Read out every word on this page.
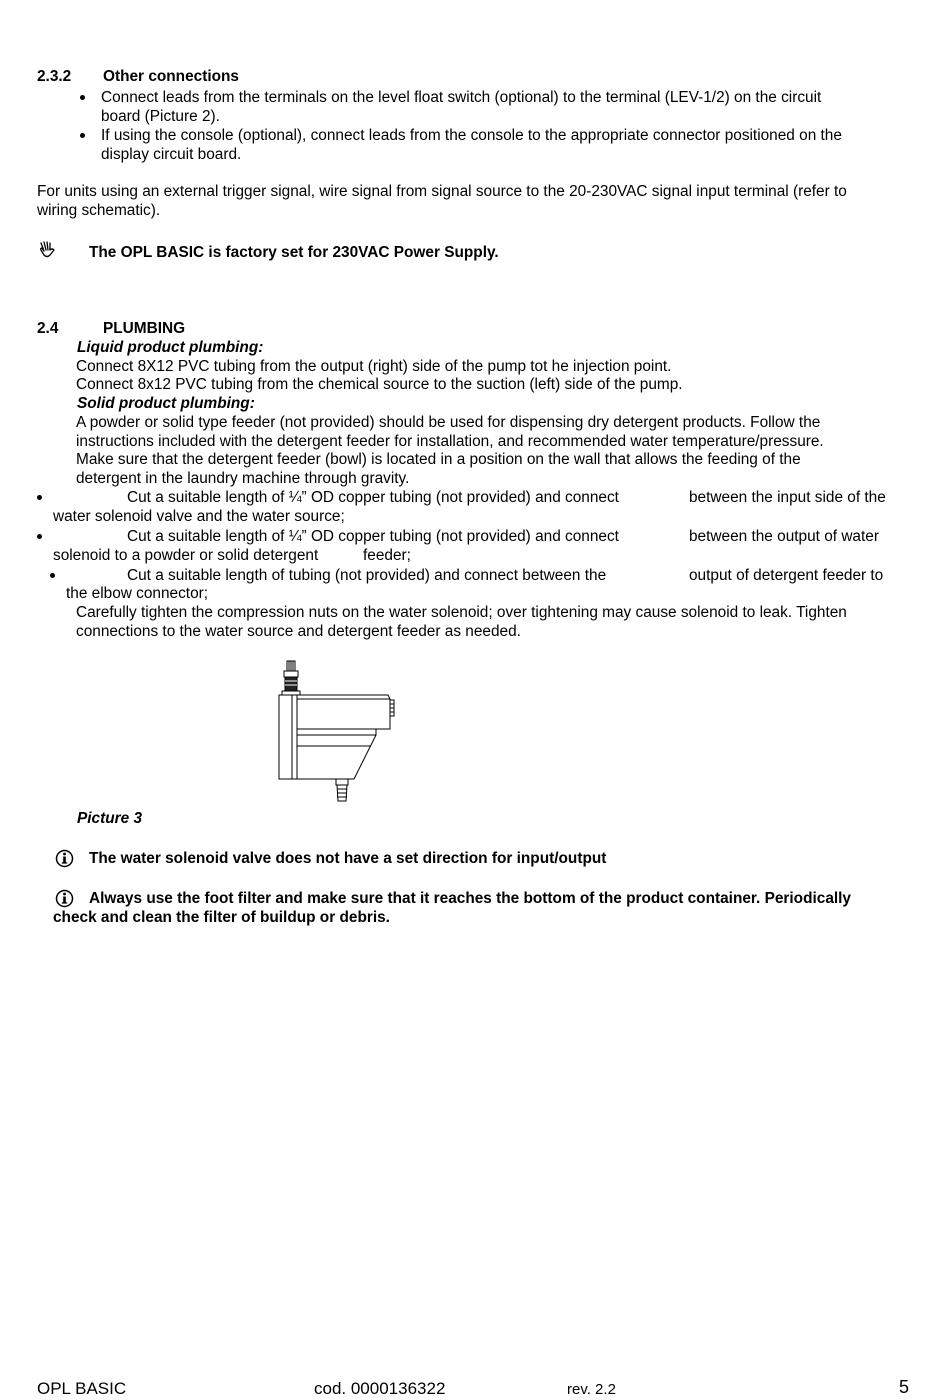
2.3.2 Other connections
Connect leads from the terminals on the level float switch (optional) to the terminal (LEV-1/2) on the circuit
board (Picture 2).
If using the console (optional), connect leads from the console to the appropriate connector positioned on the
display circuit board.
For units using an external trigger signal, wire signal from signal source to the 20-230VAC signal input terminal (refer to
wiring schematic).
The OPL BASIC is factory set for 230VAC Power Supply.
2.4	PLUMBING
Liquid product plumbing:
Connect 8X12 PVC tubing from the output (right) side of the pump tot he injection point.
Connect 8x12 PVC tubing from the chemical source to the suction (left) side of the pump.
Solid product plumbing:
A powder or solid type feeder (not provided) should be used for dispensing dry detergent products. Follow the
instructions included with the detergent feeder for installation, and recommended water temperature/pressure.
Make sure that the detergent feeder (bowl) is located in a position on the wall that allows the feeding of the
detergent in the laundry machine through gravity.
Cut a suitable length of ¼” OD copper tubing (not provided) and connect	between the input side of the
water solenoid valve and the water source;
Cut a suitable length of ¼” OD copper tubing (not provided) and connect	between the output of water
solenoid to a powder or solid detergent	feeder;
Cut a suitable length of tubing (not provided) and connect between the	output of detergent feeder to
the elbow connector;
Carefully tighten the compression nuts on the water solenoid; over tightening may cause solenoid to leak. Tighten
connections to the water source and detergent feeder as needed.
Picture 3
The water solenoid valve does not have a set direction for input/output
Always use the foot filter and make sure that it reaches the bottom of the product container. Periodically
check and clean the filter of buildup or debris.
OPL BASIC	cod. 0000136322	rev. 2.2	5
